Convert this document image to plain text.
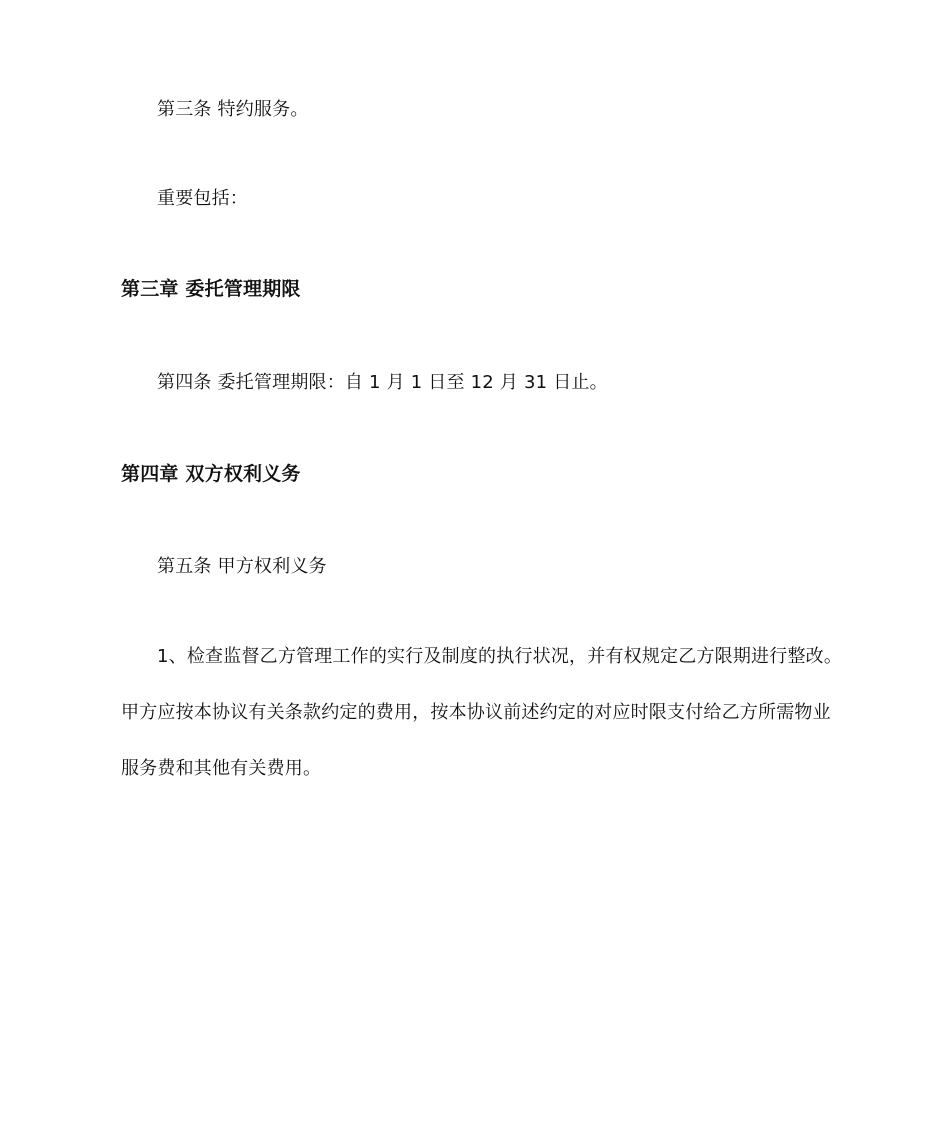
第三条 特约服务。
重要包括：
第三章 委托管理期限
第四条 委托管理期限：自 1 月 1 日至 12 月 31 日止。
第四章 双方权利义务
第五条 甲方权利义务
1、检查监督乙方管理工作的实行及制度的执行状况，并有权规定乙方限期进行整改。
甲方应按本协议有关条款约定的费用，按本协议前述约定的对应时限支付给乙方所需物业
服务费和其他有关费用。
